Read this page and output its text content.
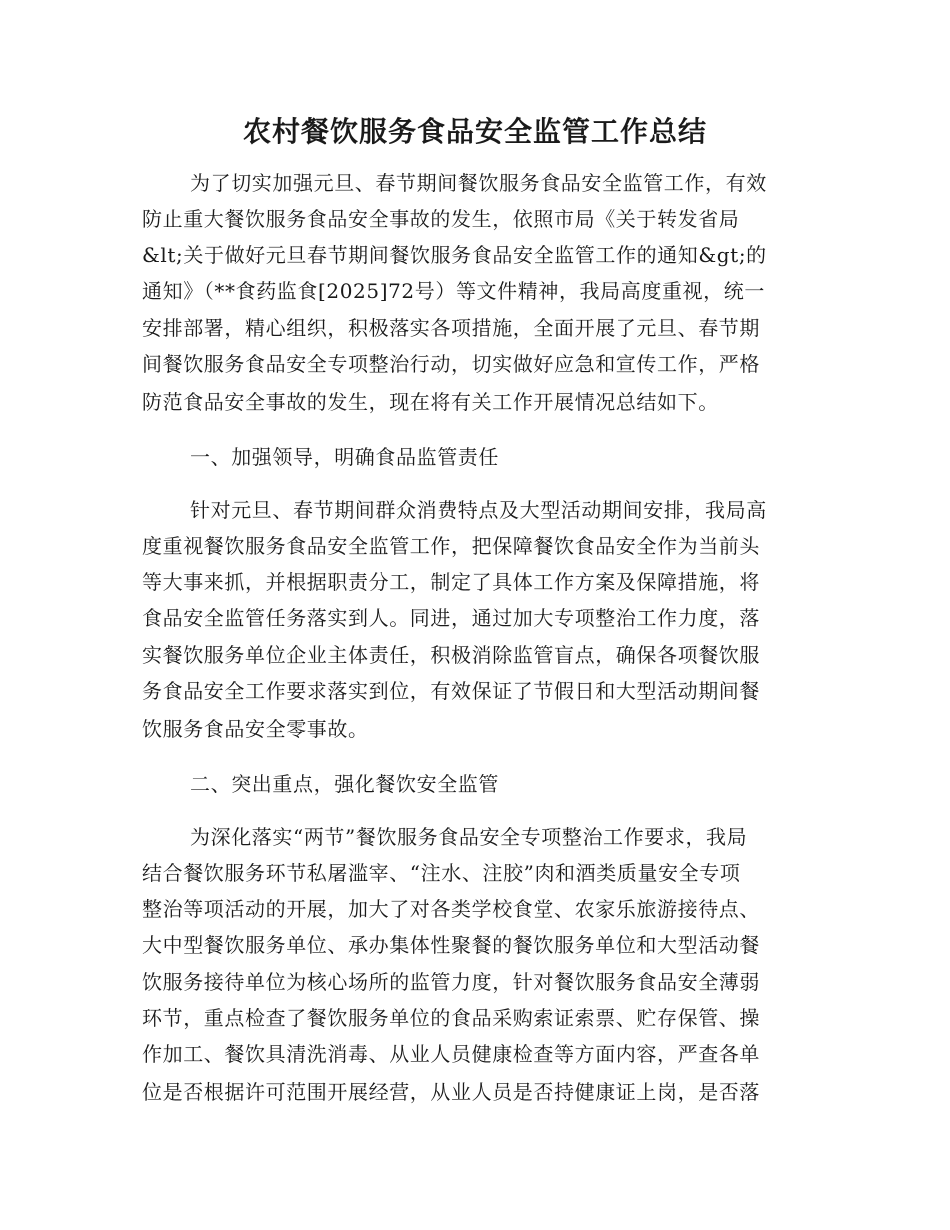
农村餐饮服务食品安全监管工作总结
为了切实加强元旦、春节期间餐饮服务食品安全监管工作，有效
防止重大餐饮服务食品安全事故的发生，依照市局《关于转发省局
&lt;关于做好元旦春节期间餐饮服务食品安全监管工作的通知&gt;的
通知》（**食药监食[2025]72号）等文件精神，我局高度重视，统一
安排部署，精心组织，积极落实各项措施，全面开展了元旦、春节期
间餐饮服务食品安全专项整治行动，切实做好应急和宣传工作，严格
防范食品安全事故的发生，现在将有关工作开展情况总结如下。
一、加强领导，明确食品监管责任
针对元旦、春节期间群众消费特点及大型活动期间安排，我局高
度重视餐饮服务食品安全监管工作，把保障餐饮食品安全作为当前头
等大事来抓，并根据职责分工，制定了具体工作方案及保障措施，将
食品安全监管任务落实到人。同进，通过加大专项整治工作力度，落
实餐饮服务单位企业主体责任，积极消除监管盲点，确保各项餐饮服
务食品安全工作要求落实到位，有效保证了节假日和大型活动期间餐
饮服务食品安全零事故。
二、突出重点，强化餐饮安全监管
为深化落实“两节”餐饮服务食品安全专项整治工作要求，我局
结合餐饮服务环节私屠滥宰、“注水、注胶”肉和酒类质量安全专项
整治等项活动的开展，加大了对各类学校食堂、农家乐旅游接待点、
大中型餐饮服务单位、承办集体性聚餐的餐饮服务单位和大型活动餐
饮服务接待单位为核心场所的监管力度，针对餐饮服务食品安全薄弱
环节，重点检查了餐饮服务单位的食品采购索证索票、贮存保管、操
作加工、餐饮具清洗消毒、从业人员健康检查等方面内容，严查各单
位是否根据许可范围开展经营，从业人员是否持健康证上岗，是否落
